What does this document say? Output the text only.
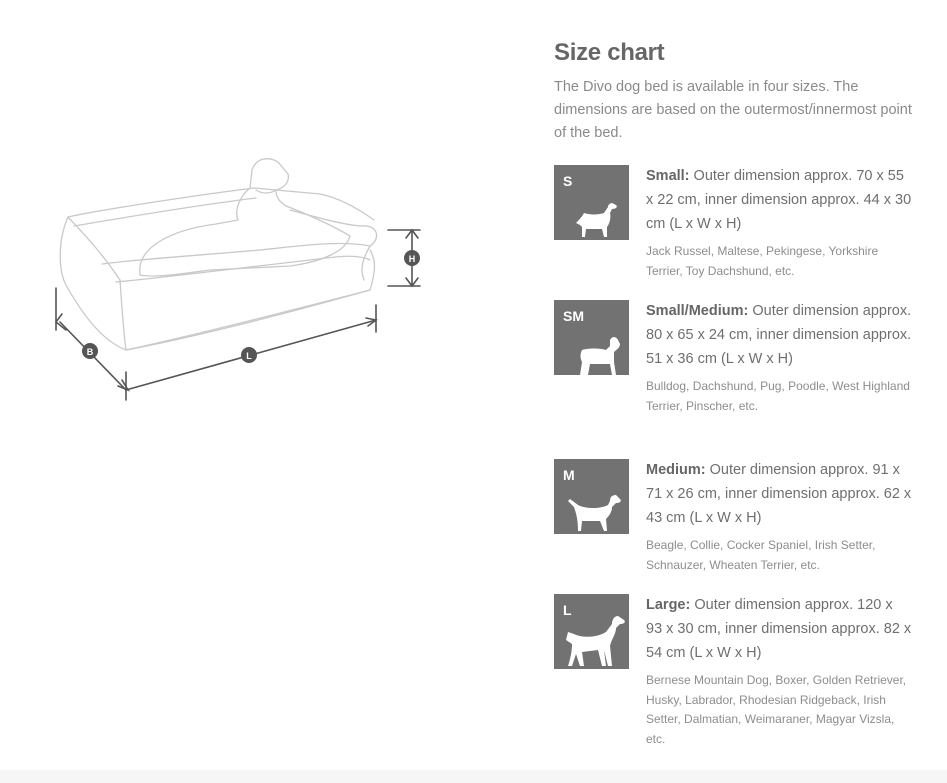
B	L
H
Size chart
The Divo dog bed is available in four sizes. The dimensions are based on the outermost/innermost point of the bed.
S	Small: Outer dimension approx. 70 x 55 x 22 cm, inner dimension approx. 44 x 30 cm (L x W x H)
Jack Russel, Maltese, Pekingese, Yorkshire Terrier, Toy Dachshund, etc.
SM	Small/Medium: Outer dimension approx. 80 x 65 x 24 cm, inner dimension approx. 51 x 36 cm (L x W x H)
Bulldog, Dachshund, Pug, Poodle, West Highland Terrier, Pinscher, etc.
M	Medium: Outer dimension approx. 91 x 71 x 26 cm, inner dimension approx. 62 x 43 cm (L x W x H)
Beagle, Collie, Cocker Spaniel, Irish Setter, Schnauzer, Wheaten Terrier, etc.
L	Large: Outer dimension approx. 120 x 93 x 30 cm, inner dimension approx. 82 x 54 cm (L x W x H)
Bernese Mountain Dog, Boxer, Golden Retriever, Husky, Labrador, Rhodesian Ridgeback, Irish Setter, Dalmatian, Weimaraner, Magyar Vizsla, etc.
